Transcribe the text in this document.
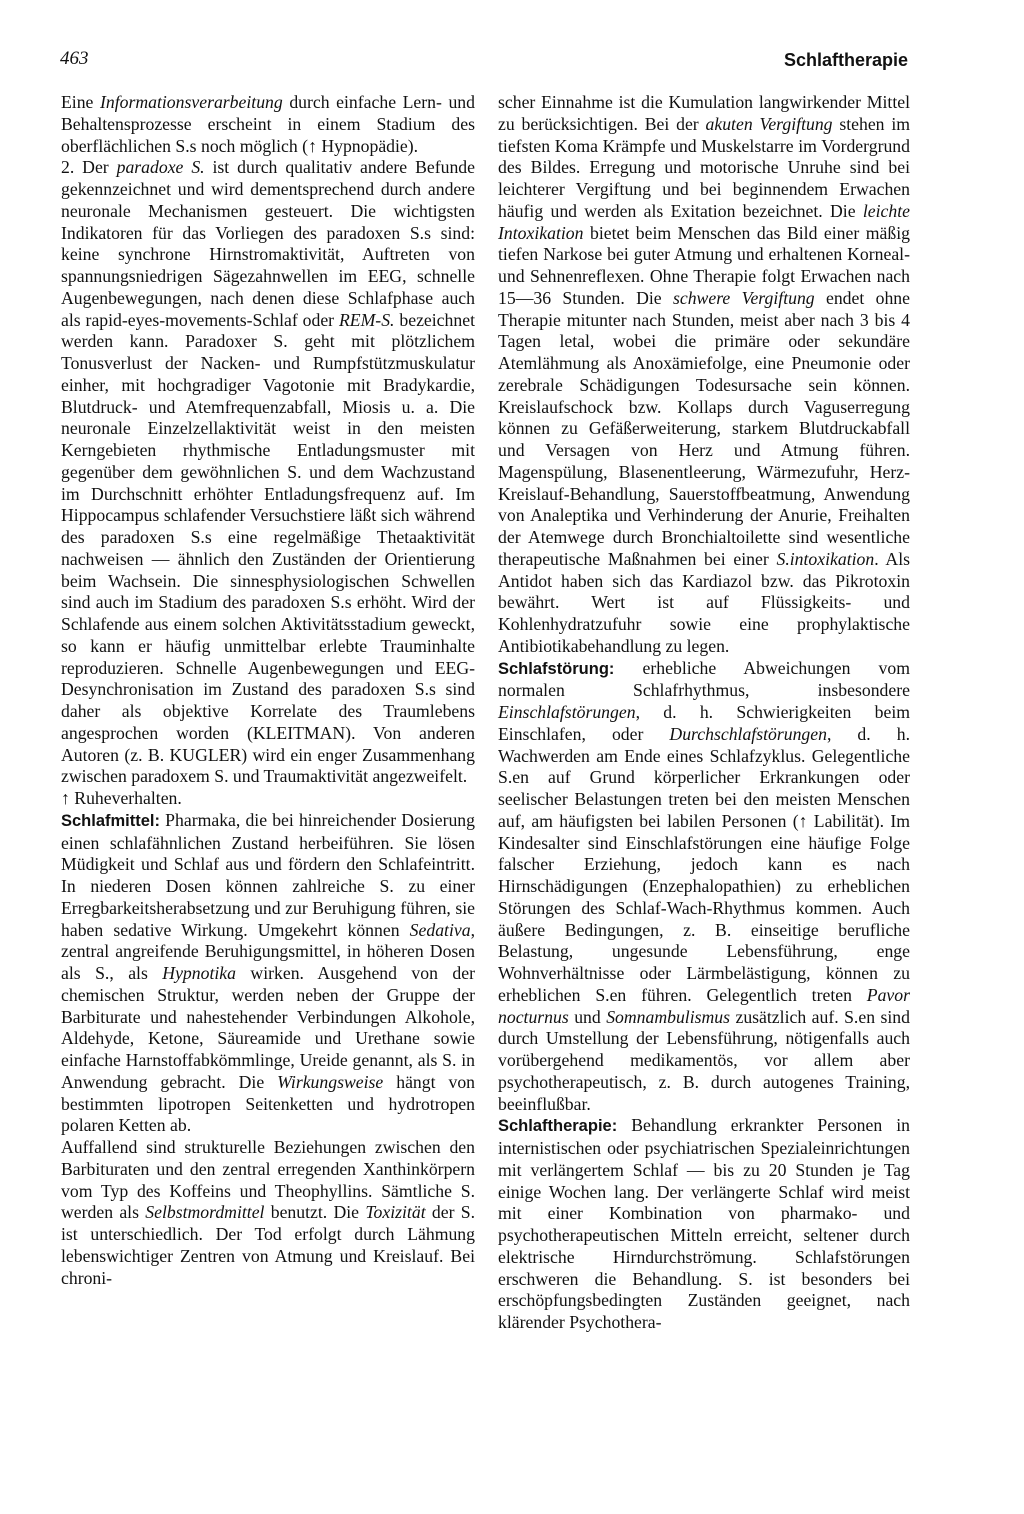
463	Schlaftherapie

Eine Informationsverarbeitung durch einfache Lern- und Behaltensprozesse erscheint in einem Stadium des oberflächlichen S.s noch möglich (↑ Hypnopädie).

2. Der paradoxe S. ist durch qualitativ andere Befunde gekennzeichnet und wird dementsprechend durch andere neuronale Mechanismen gesteuert. Die wichtigsten Indikatoren für das Vorliegen des paradoxen S.s sind: keine synchrone Hirnstromaktivität, Auftreten von spannungsniedrigen Sägezahnwellen im EEG, schnelle Augenbewegungen, nach denen diese Schlafphase auch als rapid-eyes-movements-Schlaf oder REM-S. bezeichnet werden kann. Paradoxer S. geht mit plötzlichem Tonusverlust der Nacken- und Rumpfstützmuskulatur einher, mit hochgradiger Vagotonie mit Bradykardie, Blutdruck- und Atemfrequenzabfall, Miosis u. a. Die neuronale Einzelzellaktivität weist in den meisten Kerngebieten rhythmische Entladungsmuster mit gegenüber dem gewöhnlichen S. und dem Wachzustand im Durchschnitt erhöhter Entladungsfrequenz auf. Im Hippocampus schlafender Versuchstiere läßt sich während des paradoxen S.s eine regelmäßige Thetaaktivität nachweisen — ähnlich den Zuständen der Orientierung beim Wachsein. Die sinnesphysiologischen Schwellen sind auch im Stadium des paradoxen S.s erhöht. Wird der Schlafende aus einem solchen Aktivitätsstadium geweckt, so kann er häufig unmittelbar erlebte Trauminhalte reproduzieren. Schnelle Augenbewegungen und EEG-Desynchronisation im Zustand des paradoxen S.s sind daher als objektive Korrelate des Traumlebens angesprochen worden (KLEITMAN). Von anderen Autoren (z. B. KUGLER) wird ein enger Zusammenhang zwischen paradoxem S. und Traumaktivität angezweifelt.

↑ Ruheverhalten.

Schlafmittel: Pharmaka, die bei hinreichender Dosierung einen schlafähnlichen Zustand herbeiführen. Sie lösen Müdigkeit und Schlaf aus und fördern den Schlafeintritt. In niederen Dosen können zahlreiche S. zu einer Erregbarkeitsherabsetzung und zur Beruhigung führen, sie haben sedative Wirkung. Umgekehrt können Sedativa, zentral angreifende Beruhigungsmittel, in höheren Dosen als S., als Hypnotika wirken. Ausgehend von der chemischen Struktur, werden neben der Gruppe der Barbiturate und nahestehender Verbindungen Alkohole, Aldehyde, Ketone, Säureamide und Urethane sowie einfache Harnstoffabkömmlinge, Ureide genannt, als S. in Anwendung gebracht. Die Wirkungsweise hängt von bestimmten lipotropen Seitenketten und hydrotropen polaren Ketten ab.

Auffallend sind strukturelle Beziehungen zwischen den Barbituraten und den zentral erregenden Xanthinkörpern vom Typ des Koffeins und Theophyllins. Sämtliche S. werden als Selbstmordmittel benutzt. Die Toxizität der S. ist unterschiedlich. Der Tod erfolgt durch Lähmung lebenswichtiger Zentren von Atmung und Kreislauf. Bei chroni-

scher Einnahme ist die Kumulation langwirkender Mittel zu berücksichtigen. Bei der akuten Vergiftung stehen im tiefsten Koma Krämpfe und Muskelstarre im Vordergrund des Bildes. Erregung und motorische Unruhe sind bei leichterer Vergiftung und bei beginnendem Erwachen häufig und werden als Exitation bezeichnet. Die leichte Intoxikation bietet beim Menschen das Bild einer mäßig tiefen Narkose bei guter Atmung und erhaltenen Korneal- und Sehnenreflexen. Ohne Therapie folgt Erwachen nach 15—36 Stunden. Die schwere Vergiftung endet ohne Therapie mitunter nach Stunden, meist aber nach 3 bis 4 Tagen letal, wobei die primäre oder sekundäre Atemlähmung als Anoxämiefolge, eine Pneumonie oder zerebrale Schädigungen Todesursache sein können. Kreislaufschock bzw. Kollaps durch Vaguserregung können zu Gefäßerweiterung, starkem Blutdruckabfall und Versagen von Herz und Atmung führen. Magenspülung, Blasenentleerung, Wärmezufuhr, Herz-Kreislauf-Behandlung, Sauerstoffbeatmung, Anwendung von Analeptika und Verhinderung der Anurie, Freihalten der Atemwege durch Bronchialtoilette sind wesentliche therapeutische Maßnahmen bei einer S.intoxikation. Als Antidot haben sich das Kardiazol bzw. das Pikrotoxin bewährt. Wert ist auf Flüssigkeits- und Kohlenhydratzufuhr sowie eine prophylaktische Antibiotikabehandlung zu legen.

Schlafstörung: erhebliche Abweichungen vom normalen Schlafrhythmus, insbesondere Einschlafstörungen, d. h. Schwierigkeiten beim Einschlafen, oder Durchschlafstörungen, d. h. Wachwerden am Ende eines Schlafzyklus. Gelegentliche S.en auf Grund körperlicher Erkrankungen oder seelischer Belastungen treten bei den meisten Menschen auf, am häufigsten bei labilen Personen (↑ Labilität). Im Kindesalter sind Einschlafstörungen eine häufige Folge falscher Erziehung, jedoch kann es nach Hirnschädigungen (Enzephalopathien) zu erheblichen Störungen des Schlaf-Wach-Rhythmus kommen. Auch äußere Bedingungen, z. B. einseitige berufliche Belastung, ungesunde Lebensführung, enge Wohnverhältnisse oder Lärmbelästigung, können zu erheblichen S.en führen. Gelegentlich treten Pavor nocturnus und Somnambulismus zusätzlich auf. S.en sind durch Umstellung der Lebensführung, nötigenfalls auch vorübergehend medikamentös, vor allem aber psychotherapeutisch, z. B. durch autogenes Training, beeinflußbar.

Schlaftherapie: Behandlung erkrankter Personen in internistischen oder psychiatrischen Spezialeinrichtungen mit verlängertem Schlaf — bis zu 20 Stunden je Tag einige Wochen lang. Der verlängerte Schlaf wird meist mit einer Kombination von pharmako- und psychotherapeutischen Mitteln erreicht, seltener durch elektrische Hirndurchströmung. Schlafstörungen erschweren die Behandlung. S. ist besonders bei erschöpfungsbedingten Zuständen geeignet, nach klärender Psychothera-
